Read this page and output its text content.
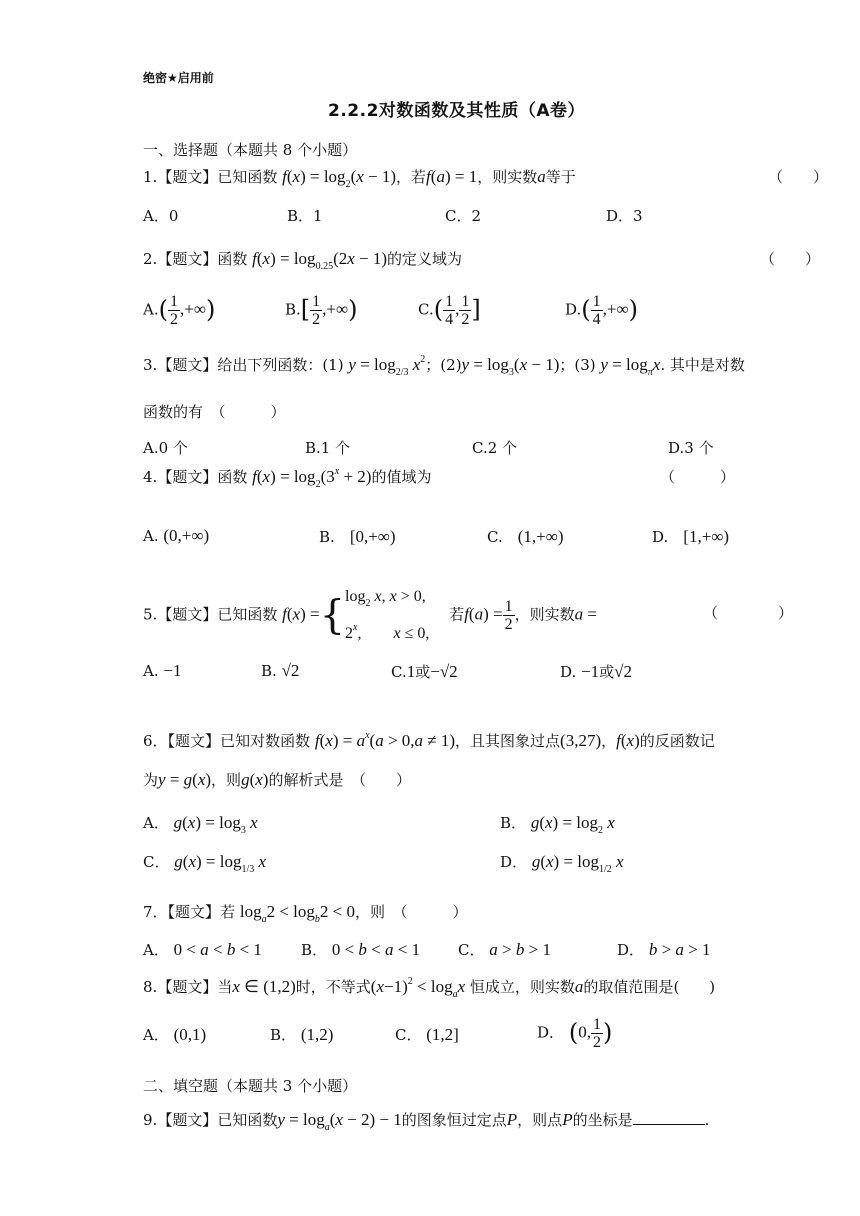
绝密★启用前
2.2.2对数函数及其性质（A卷）
一、选择题（本题共 8 个小题）
1.【题文】已知函数 $f(x) = \log_2(x - 1)$，若f(a) = 1，则实数a等于	（　　）
A．0	B．1	C．2	D．3
2.【题文】函数 $f(x) = \log_{0.25}(2x - 1)$的定义域为	（　　）
$A.( \frac{1}{2}$ ,+∞)	$B.[ \frac{1}{2}$ ,+∞)	$C.( \frac{1}{4}$ , $\frac{1}{2}$ ]	$D.( \frac{1}{4}$ ,+∞)
3.【题文】给出下列函数：(1) $y = \log_{2/3} x^2$；$(2)y = \log_3(x - 1)$；(3) $y = \log_\pi x$. 其中是对数
函数的有　 （　　　）
A.0 个	B.1 个	C.2 个	D.3 个
4.【题文】函数 $f(x) = \log_2(3^x + 2)$的值域为	（　　　）
A. (0,+∞)	B.　 [0,+∞)	C.　 (1,+∞)	D.　 [1,+∞)
5.【题文】已知函数 f(x) ={ $\log_2 x$, x > 0,
2$^x$,　　x ≤ 0,
　若$f(a) = \frac{1}{2}$ ，则实数a =	（　　　　）
A. −1	B. √2	C.1或−√2	D. −1或√2
6．【题文】已知对数函数 $f(x) = a^x(a > 0,a \ne 1)$，且其图象过点(3,27)，f(x)的反函数记
为y = g(x)，则g(x)的解析式是　 （　　）
A． $g(x) = \log_3 x$	B． $g(x) = \log_2 x$
C． $g(x) = \log_{1/3} x$	D． $g(x) = \log_{1/2} x$
7．【题文】若 $\log_a2 < \log_b2 < 0$，则　 （　　　）
A． 0 < a < b < 1	B． 0 < b < a < 1	C． a > b > 1	D． b > a > 1
8.【题文】当x ∈ (1,2)时，不等式$(x-1)^2 < \log_ax$ 恒成立，则实数a的取值范围是(　　)
A． (0,1)	B． (1,2)	C． (1,2]	D． (0, $\frac{1}{2}$ )
二、填空题（本题共 3 个小题）
9.【题文】已知函数$y = \log_a(x - 2) - 1$的图象恒过定点P，则点P的坐标是	.
